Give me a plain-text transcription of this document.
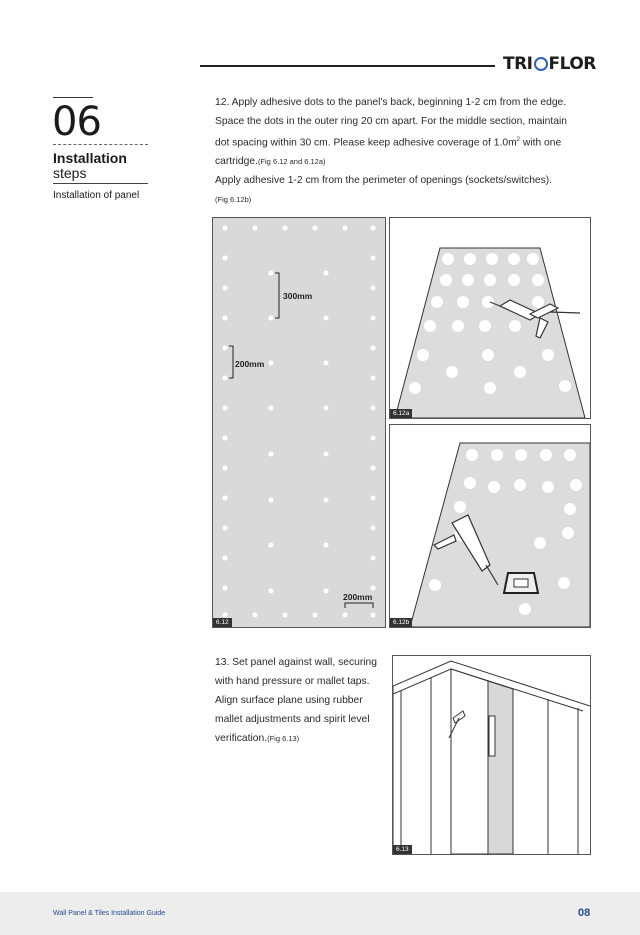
TRI FLOR
06
Installation
steps
Installation of panel
12. Apply adhesive dots to the panel's back, beginning 1-2 cm from the edge.
Space the dots in the outer ring 20 cm apart. For the middle section, maintain
dot spacing within 30 cm. Please keep adhesive coverage of $1.0m^2$ with one
cartridge.(Fig 6.12 and 6.12a)
Apply adhesive 1-2 cm from the perimeter of openings (sockets/switches).
(Fig 6.12b)
300mm
200mm
200mm
6.12
6.12a
6.12b
13. Set panel against wall, securing
with hand pressure or mallet taps.
Align surface plane using rubber
mallet adjustments and spirit level
verification.(Fig 6.13)
6.13
Wall Panel & Tiles Installation Guide	08
